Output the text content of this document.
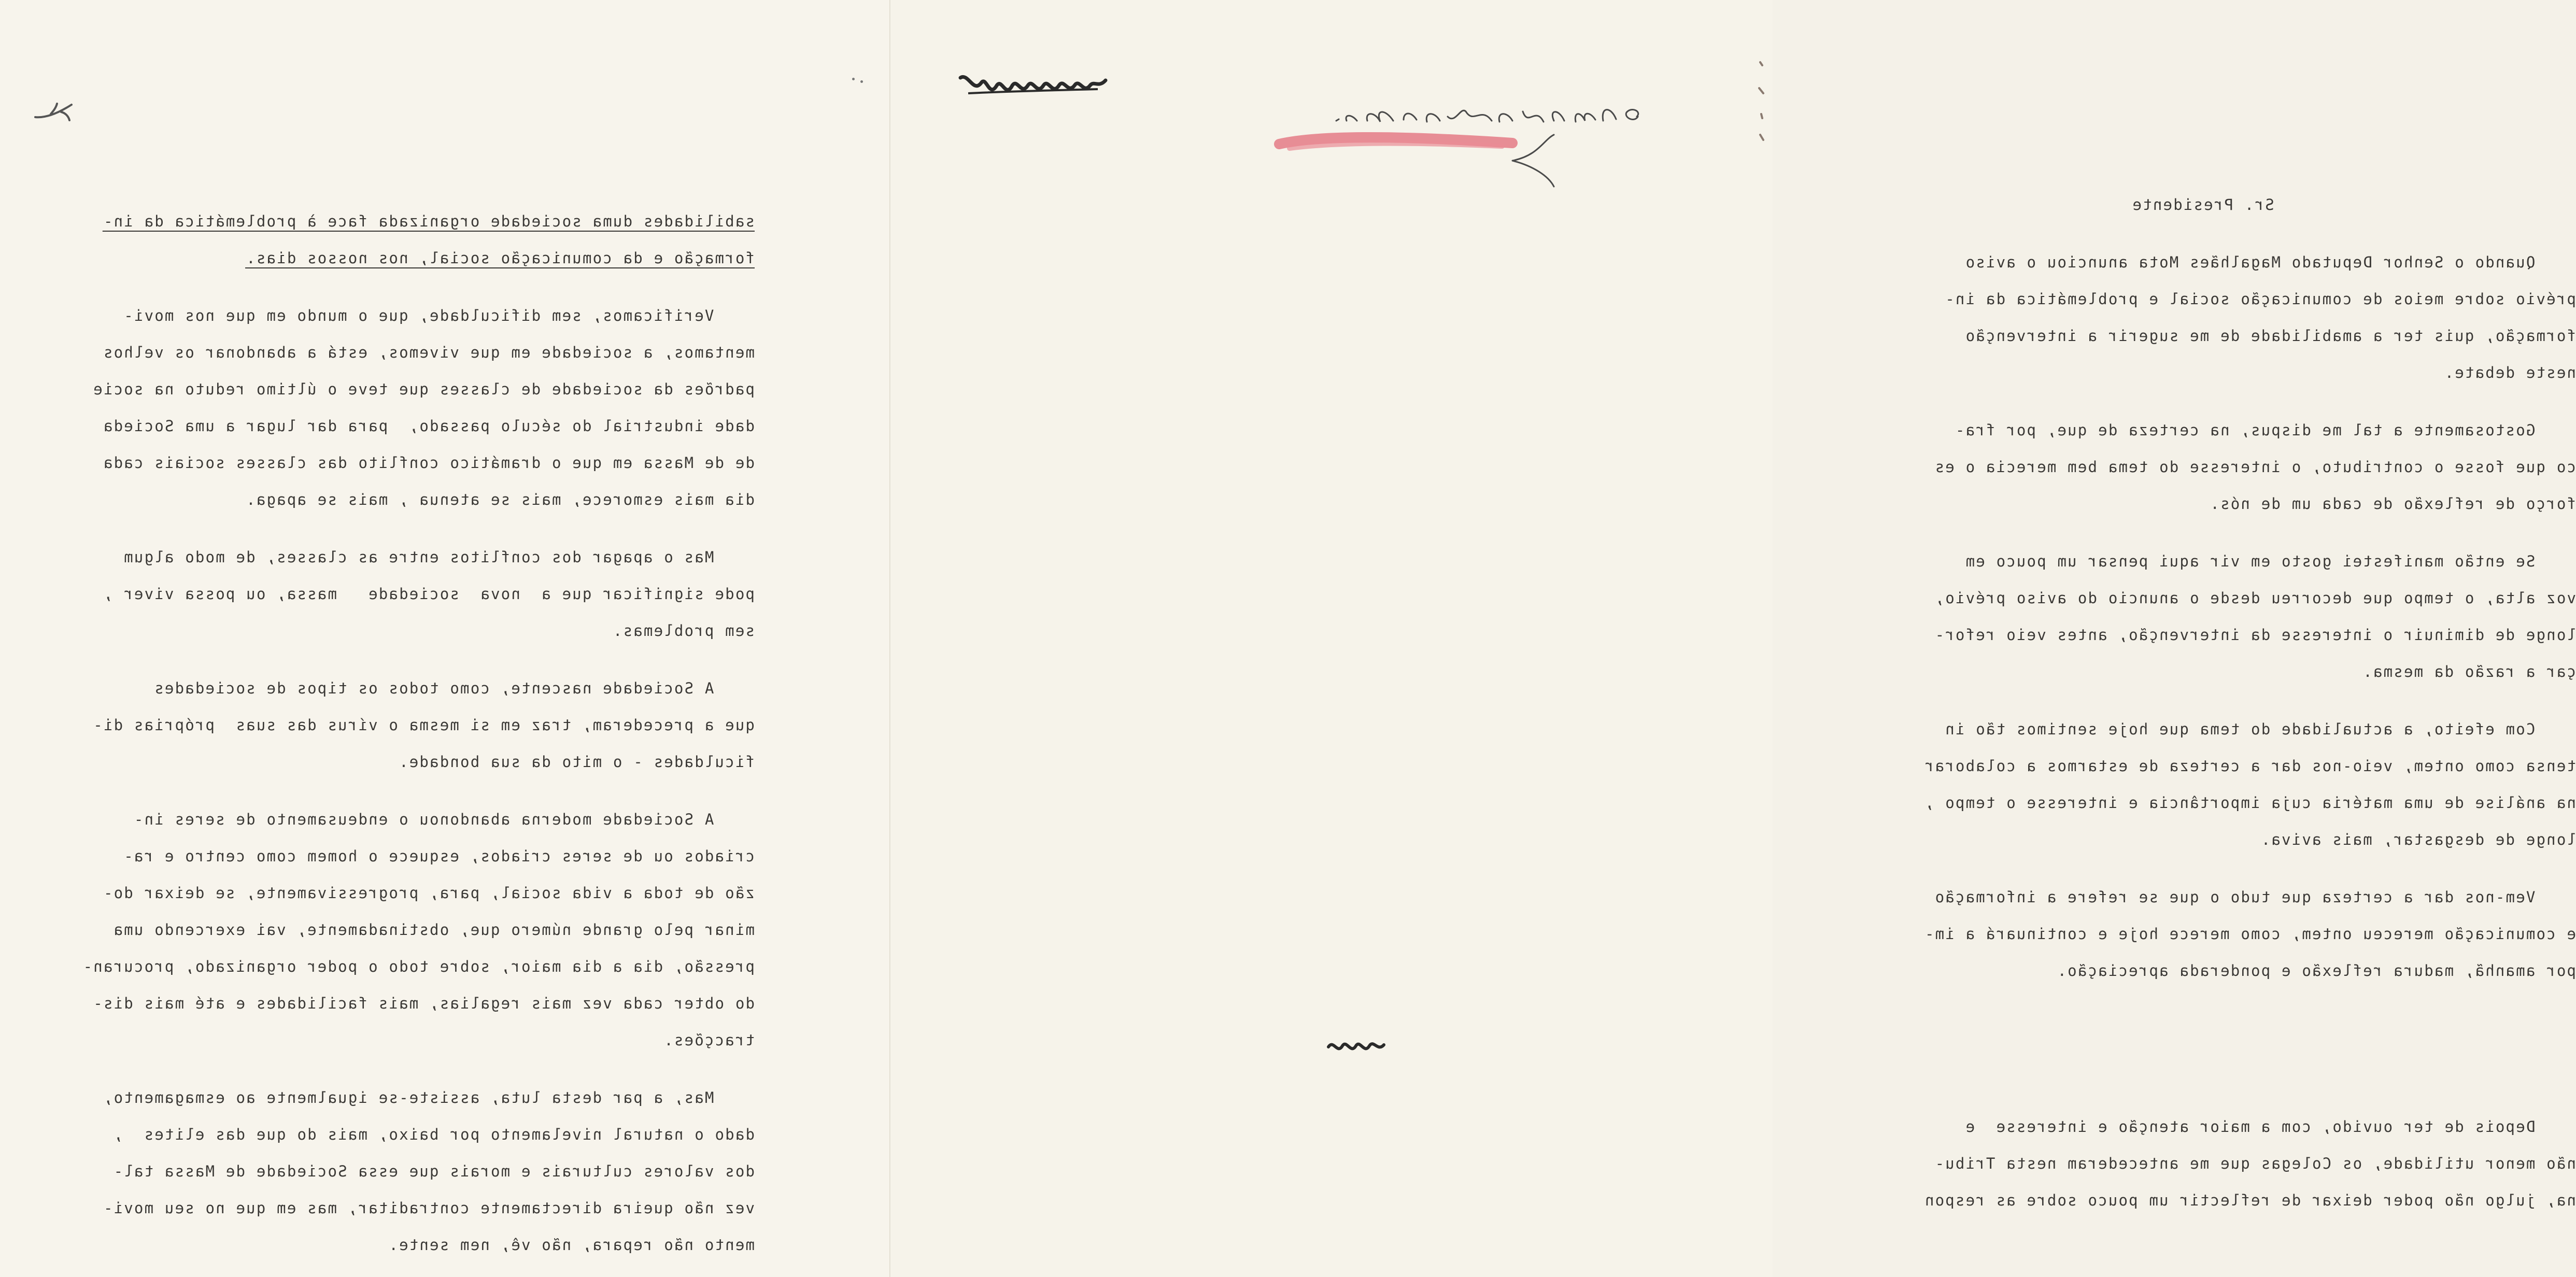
sabilidades duma sociedade organizada face à problemática da in-
formação e da comunicação social, nos nossos dias.
Verificamos, sem dificuldade, que o mundo em que nos movi-
mentamos, a sociedade em que vivemos, está a abandonar os velhos
padrões da sociedade de classes que teve o último reduto na socie
dade industrial do século passado,  para dar lugar a uma Socieda
de de Massa em que o dramático conflito das classes sociais cada
dia mais esmorece, mais se atenua , mais se apaga.
Mas o apagar dos conflitos entre as classes, de modo algum
pode significar que a  nova  sociedade   massa, ou possa viver ,
sem problemas.
A Sociedade nascente, como todos os tipos de sociedades
que a precederam, traz em si mesma o vírus das suas  próprias di-
ficuldades - o mito da sua bondade.
A Sociedade moderna abandonou o endeusamento de seres in-
criados ou de seres criados, esquece o homem como centro e ra-
zão de toda a vida social, para, progressivamente, se deixar do-
minar pelo grande número que, obstinadamente, vai exercendo uma
pressão, dia a dia maior, sobre todo o poder organizado, procuran-
do obter cada vez mais regalias, mais facilidades e até mais dis-
tracções.
Mas, a par desta luta, assiste-se igualmente ao esmagamento,
dado o natural nivelamento por baixo, mais do que das elites  ,
dos valores culturais e morais que essa Sociedade de Massa tal-
vez não queira directamente contraditar, mas em que no seu movi-
mento não repara, não vê, nem sente.
Sr. Presidente
Quando o Senhor Deputado Magalhães Mota anunciou o aviso
prévio sobre meios de comunicação social e problemática da in-
formação, quis ter a amabilidade de me sugerir a intervenção
neste debate.
Gostosamente a tal me dispus, na certeza de que, por fra-
co que fosse o contributo, o interesse do tema bem merecia o es
forço de reflexão de cada um de nós.
Se então manifestei gosto em vir aqui pensar um pouco em
voz alta, o tempo que decorreu desde o anuncio do aviso prévio,
longe de diminuir o interesse da intervenção, antes veio refor-
çar a razão da mesma.
Com efeito, a actualidade do tema que hoje sentimos tão in
tensa como ontem, veio-nos dar a certeza de estarmos a colaborar
na análise de uma matéria cuja importância e interesse o tempo ,
longe de desgastar, mais aviva.
Vem-nos dar a certeza que tudo o que se refere a informação
e comunicação mereceu ontem, como merece hoje e continuará a im-
por amanhã, madura reflexão e ponderada apreciação.
Depois de ter ouvido, com a maior atenção e interesse  e
não menor utilidade, os Colegas que me antecederam nesta Tribu-
na, julgo não poder deixar de reflectir um pouco sobre as respon
